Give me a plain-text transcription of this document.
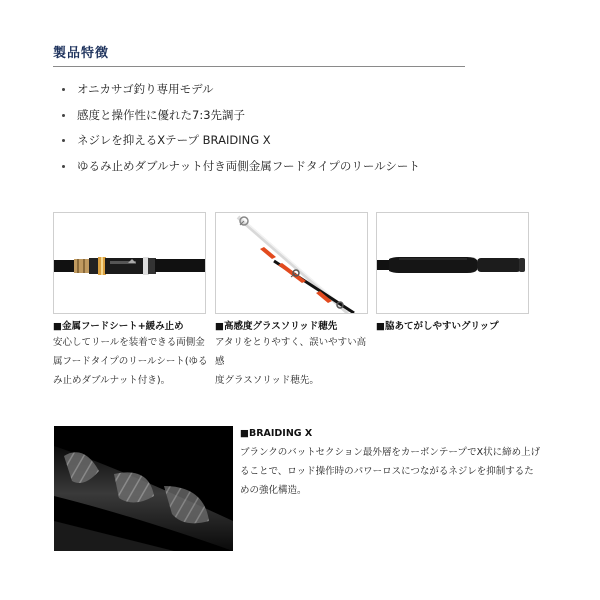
製品特徴
オニカサゴ釣り専用モデル
感度と操作性に優れた7:3先調子
ネジレを抑えるXテープ BRAIDING X
ゆるみ止めダブルナット付き両側金属フードタイプのリールシート
■金属フードシート+緩み止め
安心してリールを装着できる両側金
属フードタイプのリールシート(ゆる
み止めダブルナット付き)。
■高感度グラスソリッド穂先
アタリをとりやすく、誤いやすい高感
度グラスソリッド穂先。
■脇あてがしやすいグリップ
■BRAIDING X
ブランクのバットセクション最外層をカーボンテープでX状に締め上げ
ることで、ロッド操作時のパワーロスにつながるネジレを抑制するた
めの強化構造。
